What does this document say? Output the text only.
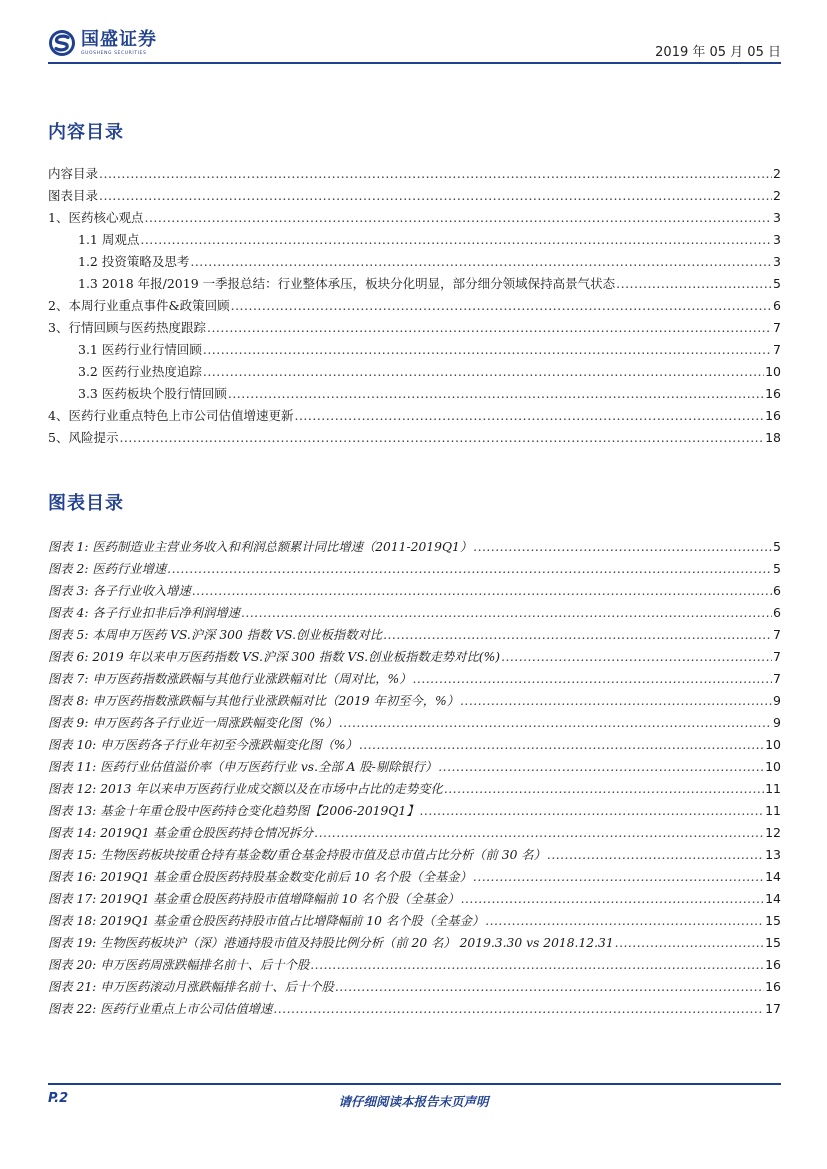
国盛证券
GUOSHENG SECURITIES	2019 年 05 月 05 日
内容目录
内容目录 .....	2
图表目录 .....	2
1、医药核心观点 .....	3
1.1 周观点 .....	3
1.2 投资策略及思考 .....	3
1.3 2018 年报/2019 一季报总结：行业整体承压，板块分化明显，部分细分领域保持高景气状态 .....	5
2、本周行业重点事件&政策回顾 .....	6
3、行情回顾与医药热度跟踪 .....	7
3.1 医药行业行情回顾 .....	7
3.2 医药行业热度追踪 .....	10
3.3 医药板块个股行情回顾 .....	16
4、医药行业重点特色上市公司估值增速更新 .....	16
5、风险提示 .....	18
图表目录
图表 1: 医药制造业主营业务收入和利润总额累计同比增速（2011-2019Q1） .....	5
图表 2: 医药行业增速 .....	5
图表 3: 各子行业收入增速 .....	6
图表 4: 各子行业扣非后净利润增速 .....	6
图表 5: 本周申万医药 VS.沪深 300 指数 VS.创业板指数对比 .....	7
图表 6: 2019 年以来申万医药指数 VS.沪深 300 指数 VS.创业板指数走势对比(%) .....	7
图表 7: 申万医药指数涨跌幅与其他行业涨跌幅对比（周对比，%） .....	7
图表 8: 申万医药指数涨跌幅与其他行业涨跌幅对比（2019 年初至今，%） .....	9
图表 9: 申万医药各子行业近一周涨跌幅变化图（%） .....	9
图表 10: 申万医药各子行业年初至今涨跌幅变化图（%） .....	10
图表 11: 医药行业估值溢价率（申万医药行业 vs.全部 A 股-剔除银行） .....	10
图表 12: 2013 年以来申万医药行业成交额以及在市场中占比的走势变化 .....	11
图表 13: 基金十年重仓股中医药持仓变化趋势图【2006-2019Q1】 .....	11
图表 14: 2019Q1 基金重仓股医药持仓情况拆分 .....	12
图表 15: 生物医药板块按重仓持有基金数/重仓基金持股市值及总市值占比分析（前 30 名） .....	13
图表 16: 2019Q1 基金重仓股医药持股基金数变化前后 10 名个股（全基金） .....	14
图表 17: 2019Q1 基金重仓股医药持股市值增降幅前 10 名个股（全基金） .....	14
图表 18: 2019Q1 基金重仓股医药持股市值占比增降幅前 10 名个股（全基金） .....	15
图表 19: 生物医药板块沪（深）港通持股市值及持股比例分析（前 20 名） 2019.3.30 vs 2018.12.31 .....	15
图表 20: 申万医药周涨跌幅排名前十、后十个股 .....	16
图表 21: 申万医药滚动月涨跌幅排名前十、后十个股 .....	16
图表 22: 医药行业重点上市公司估值增速 .....	17
P.2	请仔细阅读本报告末页声明
